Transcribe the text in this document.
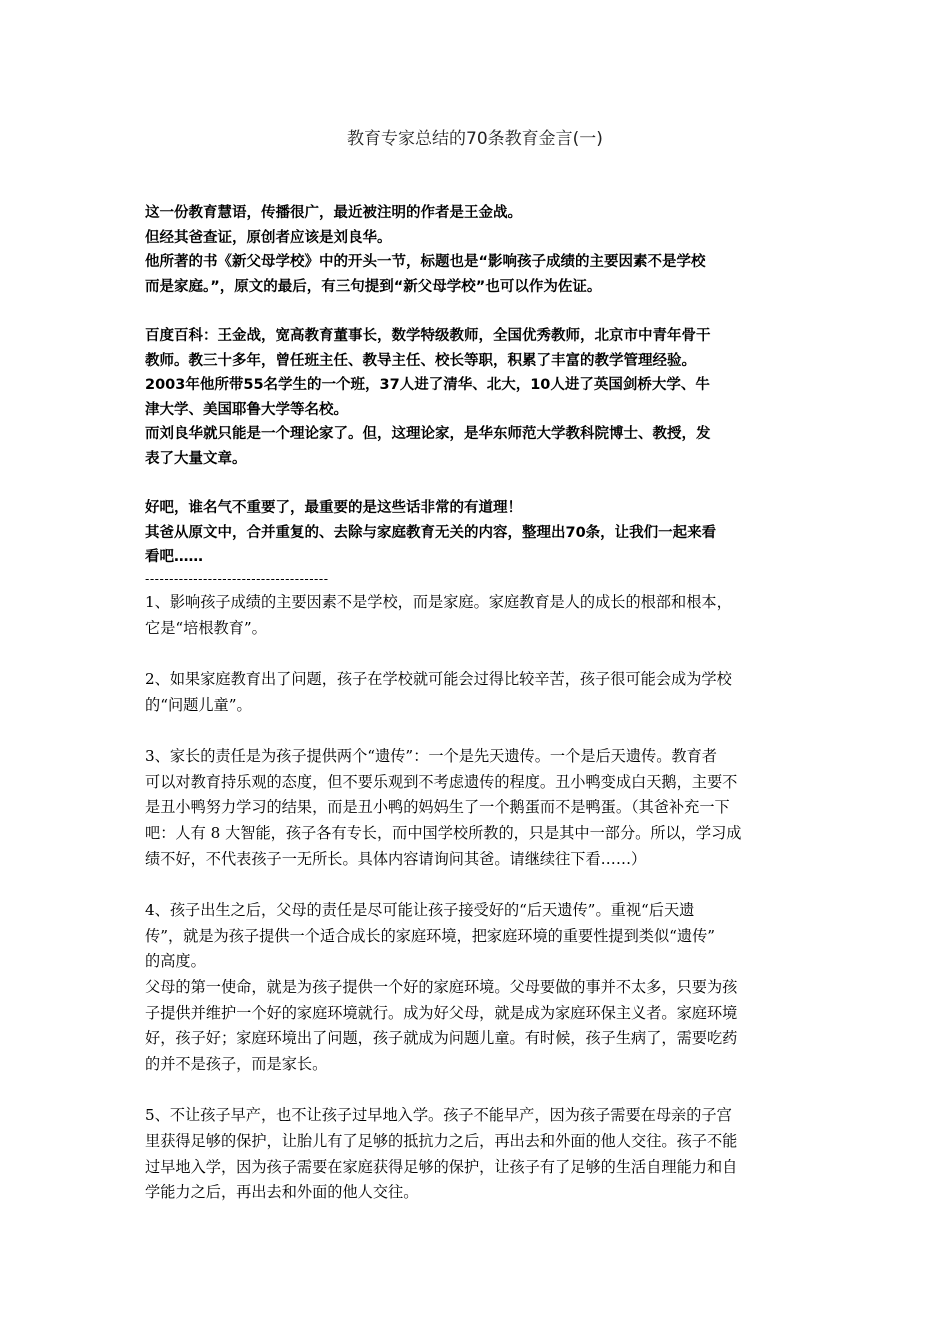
教育专家总结的70条教育金言(一)

这一份教育慧语，传播很广，最近被注明的作者是王金战。

但经其爸查证，原创者应该是刘良华。

他所著的书《新父母学校》中的开头一节，标题也是“影响孩子成绩的主要因素不是学校

而是家庭。”，原文的最后，有三句提到“新父母学校”也可以作为佐证。

百度百科：王金战，宽高教育董事长，数学特级教师，全国优秀教师，北京市中青年骨干

教师。教三十多年，曾任班主任、教导主任、校长等职，积累了丰富的教学管理经验。

2003年他所带55名学生的一个班，37人进了清华、北大，10人进了英国剑桥大学、牛

津大学、美国耶鲁大学等名校。

而刘良华就只能是一个理论家了。但，这理论家，是华东师范大学教科院博士、教授，发

表了大量文章。

好吧，谁名气不重要了，最重要的是这些话非常的有道理！

其爸从原文中，合并重复的、去除与家庭教育无关的内容，整理出70条，让我们一起来看

看吧……

--------------------------------------

1、影响孩子成绩的主要因素不是学校，而是家庭。家庭教育是人的成长的根部和根本，

它是“培根教育”。

2、如果家庭教育出了问题，孩子在学校就可能会过得比较辛苦，孩子很可能会成为学校

的“问题儿童”。

3、家长的责任是为孩子提供两个“遗传”：一个是先天遗传。一个是后天遗传。教育者

可以对教育持乐观的态度，但不要乐观到不考虑遗传的程度。丑小鸭变成白天鹅，主要不

是丑小鸭努力学习的结果，而是丑小鸭的妈妈生了一个鹅蛋而不是鸭蛋。（其爸补充一下

吧：人有 8 大智能，孩子各有专长，而中国学校所教的，只是其中一部分。所以，学习成

绩不好，不代表孩子一无所长。具体内容请询问其爸。请继续往下看……）

4、孩子出生之后，父母的责任是尽可能让孩子接受好的“后天遗传”。重视“后天遗

传”，就是为孩子提供一个适合成长的家庭环境，把家庭环境的重要性提到类似“遗传”

的高度。

父母的第一使命，就是为孩子提供一个好的家庭环境。父母要做的事并不太多，只要为孩

子提供并维护一个好的家庭环境就行。成为好父母，就是成为家庭环保主义者。家庭环境

好，孩子好；家庭环境出了问题，孩子就成为问题儿童。有时候，孩子生病了，需要吃药

的并不是孩子，而是家长。

5、不让孩子早产，也不让孩子过早地入学。孩子不能早产，因为孩子需要在母亲的子宫

里获得足够的保护，让胎儿有了足够的抵抗力之后，再出去和外面的他人交往。孩子不能

过早地入学，因为孩子需要在家庭获得足够的保护，让孩子有了足够的生活自理能力和自

学能力之后，再出去和外面的他人交往。
